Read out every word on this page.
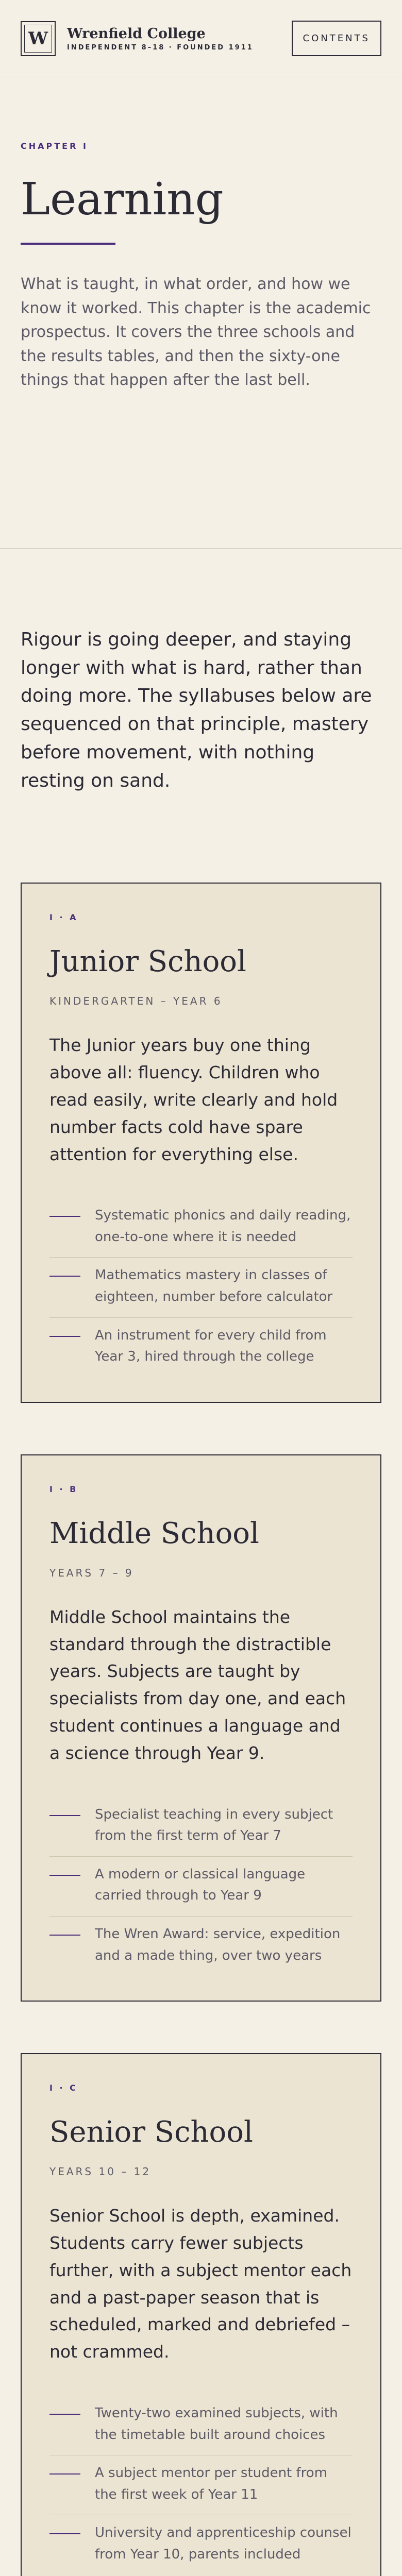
W Wrenfield College
INDEPENDENT 8–18 · FOUNDED 1911
CONTENTS
CHAPTER I
Learning

What is taught, in what order, and how we know it worked. This chapter is the academic prospectus. It covers the three schools and the results tables, and then the sixty-one things that happen after the last bell.

Rigour is going deeper, and staying longer with what is hard, rather than doing more. The syllabuses below are sequenced on that principle, mastery before movement, with nothing resting on sand.

I · A
Junior School
KINDERGARTEN – YEAR 6

The Junior years buy one thing above all: fluency. Children who read easily, write clearly and hold number facts cold have spare attention for everything else.

Systematic phonics and daily reading, one-to-one where it is needed
Mathematics mastery in classes of eighteen, number before calculator
An instrument for every child from Year 3, hired through the college
I · B
Middle School
YEARS 7 – 9

Middle School maintains the standard through the distractible years. Subjects are taught by specialists from day one, and each student continues a language and a science through Year 9.

Specialist teaching in every subject from the first term of Year 7
A modern or classical language carried through to Year 9
The Wren Award: service, expedition and a made thing, over two years
I · C
Senior School
YEARS 10 – 12

Senior School is depth, examined. Students carry fewer subjects further, with a subject mentor each and a past-paper season that is scheduled, marked and debriefed – not crammed.

Twenty-two examined subjects, with the timetable built around choices
A subject mentor per student from the first week of Year 11
University and apprenticeship counsel from Year 10, parents included
